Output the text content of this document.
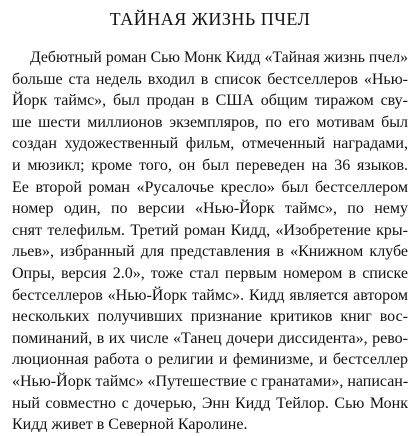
ТАЙНАЯ ЖИЗНЬ ПЧЕЛ
Дебютный роман Сью Монк Кидд «Тайная жизнь пчел»
больше ста недель входил в список бестселлеров «Нью-
Йорк таймс», был продан в США общим тиражом сву-
ше шести миллионов экземпляров, по его мотивам был
создан художественный фильм, отмеченный наградами,
и мюзикл; кроме того, он был переведен на 36 языков.
Ее второй роман «Русалочье кресло» был бестселлером
номер один, по версии «Нью-Йорк таймс», по нему
снят телефильм. Третий роман Кидд, «Изобретение кры-
льев», избранный для представления в «Книжном клубе
Опры, версия 2.0», тоже стал первым номером в списке
бестселлеров «Нью-Йорк таймс». Кидд является автором
нескольких получивших признание критиков книг вос-
поминаний, в их числе «Танец дочери диссидента», рево-
люционная работа о религии и феминизме, и бестселлер
«Нью-Йорк таймс» «Путешествие с гранатами», написан-
ный совместно с дочерью, Энн Кидд Тейлор. Сью Монк
Кидд живет в Северной Каролине.
